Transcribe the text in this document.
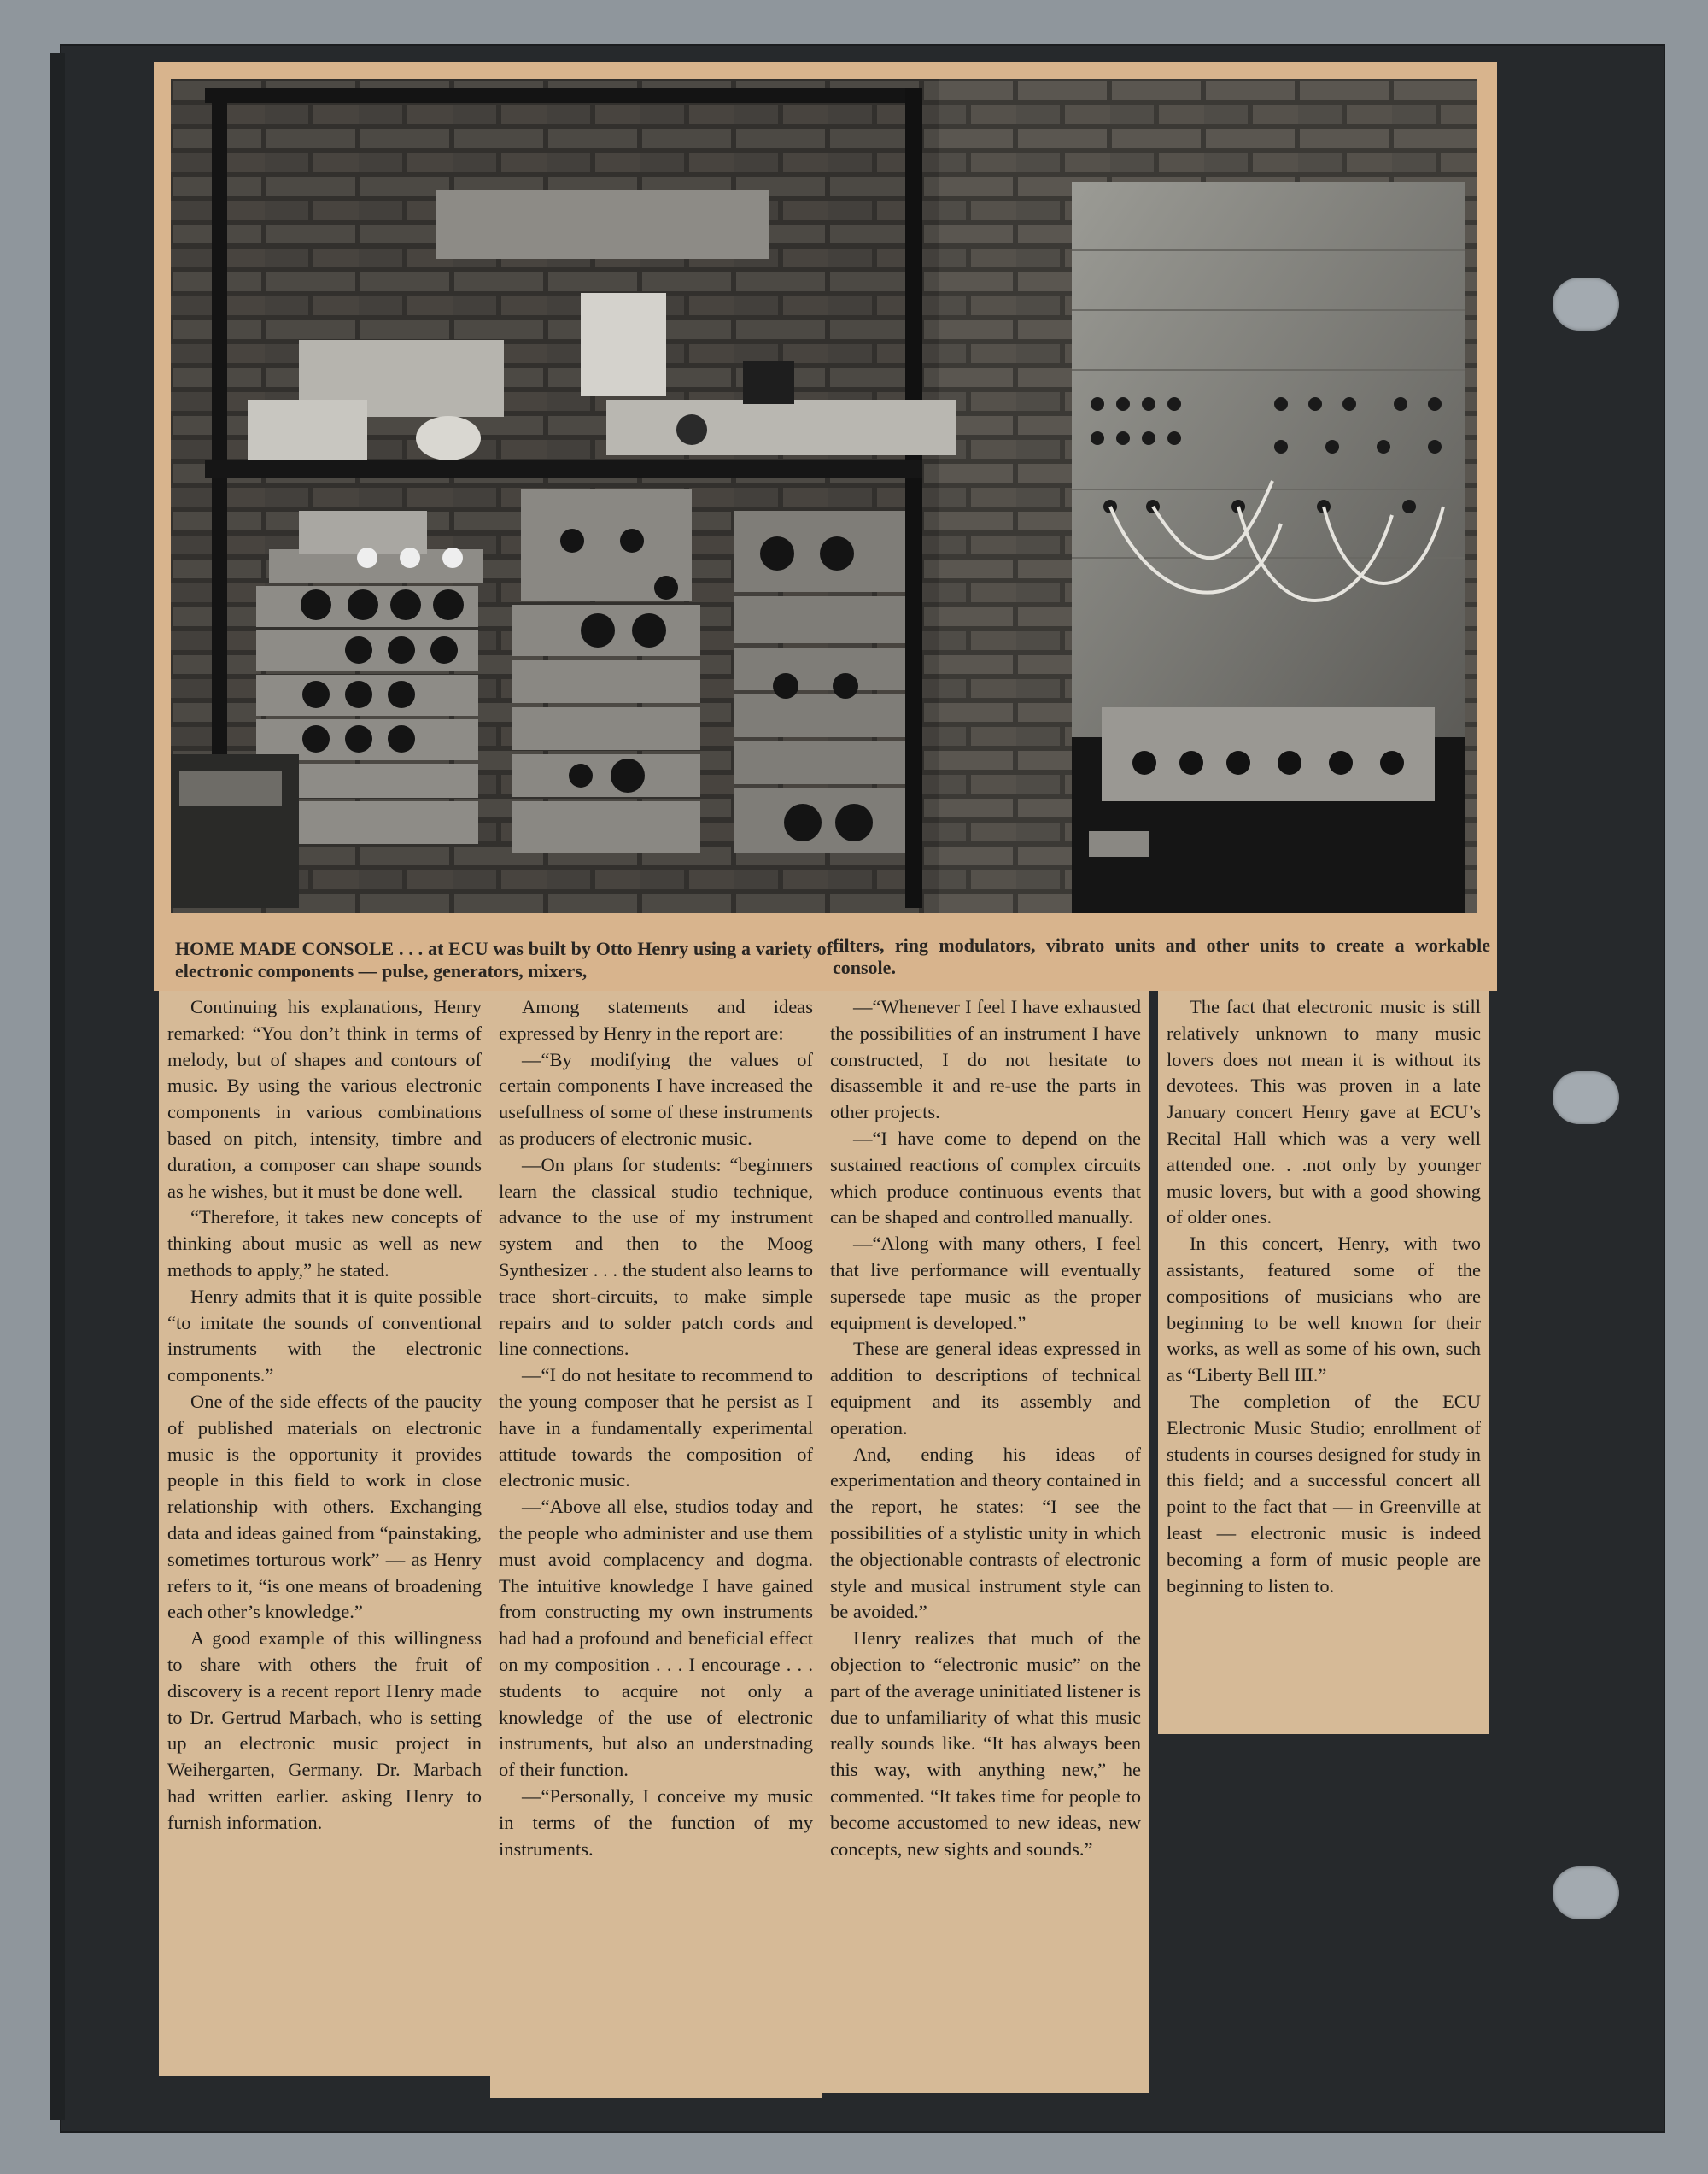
HOME MADE CONSOLE . . . at ECU was built by Otto Henry using a variety of electronic components — pulse, generators, mixers,
filters, ring modulators, vibrato units and other units to create a workable console.

Continuing his explanations, Henry remarked: “You don’t think in terms of melody, but of shapes and contours of music. By using the various electronic components in various combinations based on pitch, intensity, timbre and duration, a composer can shape sounds as he wishes, but it must be done well.

“Therefore, it takes new concepts of thinking about music as well as new methods to apply,” he stated.

Henry admits that it is quite possible “to imitate the sounds of conventional instruments with the electronic components.”

One of the side effects of the paucity of published materials on electronic music is the opportunity it provides people in this field to work in close relationship with others. Exchanging data and ideas gained from “painstaking, sometimes torturous work” — as Henry refers to it, “is one means of broadening each other’s knowledge.”

A good example of this willingness to share with others the fruit of discovery is a recent report Henry made to Dr. Gertrud Marbach, who is setting up an electronic music project in Weihergarten, Germany. Dr. Marbach had written earlier. asking Henry to furnish information.

Among statements and ideas expressed by Henry in the report are:

—“By modifying the values of certain components I have increased the usefullness of some of these instruments as producers of electronic music.

—On plans for students: “beginners learn the classical studio technique, advance to the use of my instrument system and then to the Moog Synthesizer . . . the student also learns to trace short-circuits, to make simple repairs and to solder patch cords and line connections.

—“I do not hesitate to recommend to the young composer that he persist as I have in a fundamentally experimental attitude towards the composition of electronic music.

—“Above all else, studios today and the people who administer and use them must avoid complacency and dogma. The intuitive knowledge I have gained from constructing my own instruments had had a profound and beneficial effect on my composition . . . I encourage . . . students to acquire not only a knowledge of the use of electronic instruments, but also an understnading of their function.

—“Personally, I conceive my music in terms of the function of my instruments.

—“Whenever I feel I have exhausted the possibilities of an instrument I have constructed, I do not hesitate to disassemble it and re-use the parts in other projects.

—“I have come to depend on the sustained reactions of complex circuits which produce continuous events that can be shaped and controlled manually.

—“Along with many others, I feel that live performance will eventually supersede tape music as the proper equipment is developed.”

These are general ideas expressed in addition to descriptions of technical equipment and its assembly and operation.

And, ending his ideas of experimentation and theory contained in the report, he states: “I see the possibilities of a stylistic unity in which the objectionable contrasts of electronic style and musical instrument style can be avoided.”

Henry realizes that much of the objection to “electronic music” on the part of the average uninitiated listener is due to unfamiliarity of what this music really sounds like. “It has always been this way, with anything new,” he commented. “It takes time for people to become accustomed to new ideas, new concepts, new sights and sounds.”

The fact that electronic music is still relatively unknown to many music lovers does not mean it is without its devotees. This was proven in a late January concert Henry gave at ECU’s Recital Hall which was a very well attended one. . .not only by younger music lovers, but with a good showing of older ones.

In this concert, Henry, with two assistants, featured some of the compositions of musicians who are beginning to be well known for their works, as well as some of his own, such as “Liberty Bell III.”

The completion of the ECU Electronic Music Studio; enrollment of students in courses designed for study in this field; and a successful concert all point to the fact that — in Greenville at least — electronic music is indeed becoming a form of music people are beginning to listen to.
